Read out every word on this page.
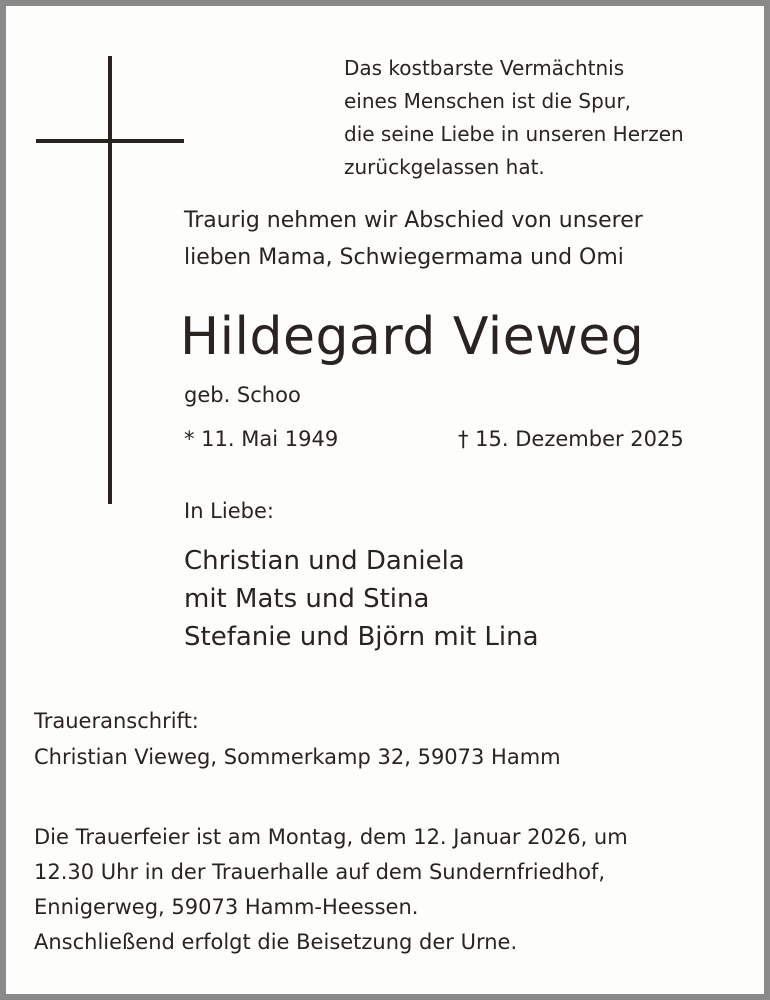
Das kostbarste Vermächtnis
eines Menschen ist die Spur,
die seine Liebe in unseren Herzen
zurückgelassen hat.
Traurig nehmen wir Abschied von unserer
lieben Mama, Schwiegermama und Omi
Hildegard Vieweg
geb. Schoo
* 11. Mai 1949	† 15. Dezember 2025
In Liebe:
Christian und Daniela
mit Mats und Stina
Stefanie und Björn mit Lina
Traueranschrift:
Christian Vieweg, Sommerkamp 32, 59073 Hamm
Die Trauerfeier ist am Montag, dem 12. Januar 2026, um
12.30 Uhr in der Trauerhalle auf dem Sundernfriedhof,
Ennigerweg, 59073 Hamm-Heessen.
Anschließend erfolgt die Beisetzung der Urne.
